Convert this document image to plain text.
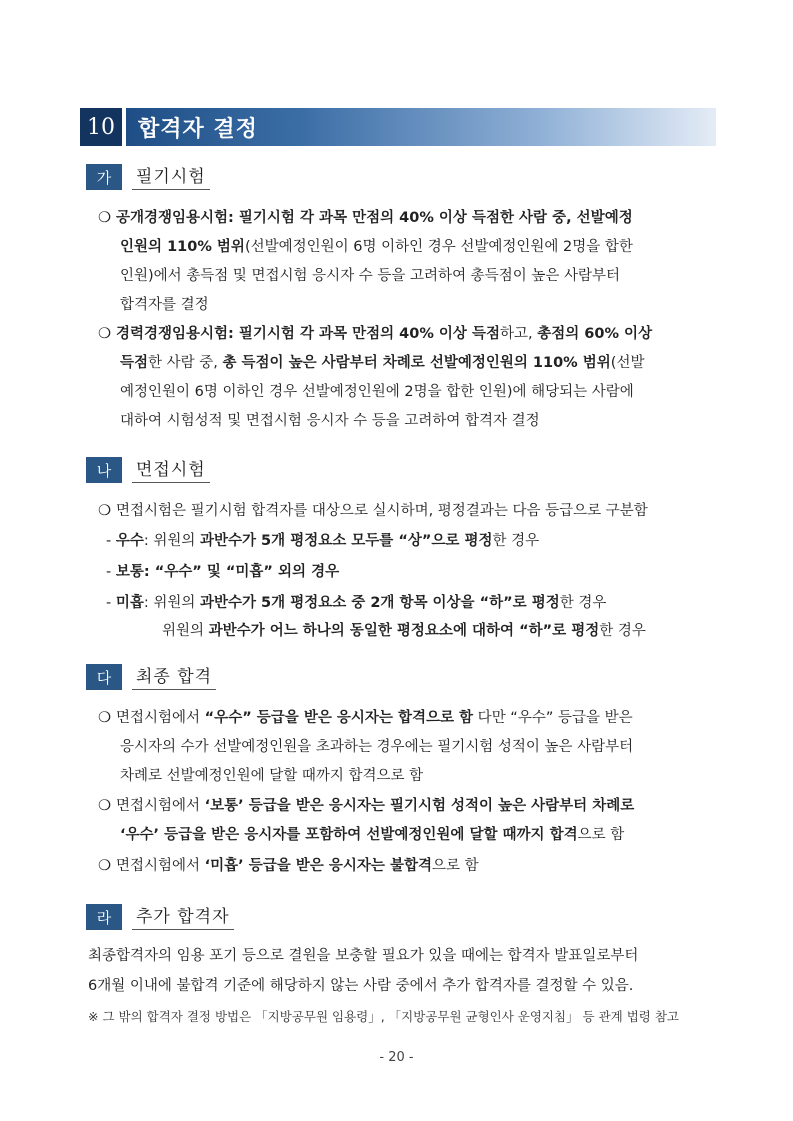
10	합격자 결정
가	필기시험
❍ 공개경쟁임용시험: 필기시험 각 과목 만점의 40% 이상 득점한 사람 중, 선발예정
인원의 110% 범위(선발예정인원이 6명 이하인 경우 선발예정인원에 2명을 합한
인원)에서 총득점 및 면접시험 응시자 수 등을 고려하여 총득점이 높은 사람부터
합격자를 결정
❍ 경력경쟁임용시험: 필기시험 각 과목 만점의 40% 이상 득점하고, 총점의 60% 이상
득점한 사람 중, 총 득점이 높은 사람부터 차례로 선발예정인원의 110% 범위(선발
예정인원이 6명 이하인 경우 선발예정인원에 2명을 합한 인원)에 해당되는 사람에
대하여 시험성적 및 면접시험 응시자 수 등을 고려하여 합격자 결정
나	면접시험
❍ 면접시험은 필기시험 합격자를 대상으로 실시하며, 평정결과는 다음 등급으로 구분함
- 우수: 위원의 과반수가 5개 평정요소 모두를 “상”으로 평정한 경우
- 보통: “우수” 및 “미흡” 외의 경우
- 미흡: 위원의 과반수가 5개 평정요소 중 2개 항목 이상을 “하”로 평정한 경우
위원의 과반수가 어느 하나의 동일한 평정요소에 대하여 “하”로 평정한 경우
다	최종 합격
❍ 면접시험에서 “우수” 등급을 받은 응시자는 합격으로 함 다만 “우수” 등급을 받은
응시자의 수가 선발예정인원을 초과하는 경우에는 필기시험 성적이 높은 사람부터
차례로 선발예정인원에 달할 때까지 합격으로 함
❍ 면접시험에서 ‘보통’ 등급을 받은 응시자는 필기시험 성적이 높은 사람부터 차례로
‘우수’ 등급을 받은 응시자를 포함하여 선발예정인원에 달할 때까지 합격으로 함
❍ 면접시험에서 ‘미흡’ 등급을 받은 응시자는 불합격으로 함
라	추가 합격자
최종합격자의 임용 포기 등으로 결원을 보충할 필요가 있을 때에는 합격자 발표일로부터
6개월 이내에 불합격 기준에 해당하지 않는 사람 중에서 추가 합격자를 결정할 수 있음.
※ 그 밖의 합격자 결정 방법은 「지방공무원 임용령」, 「지방공무원 균형인사 운영지침」 등 관계 법령 참고
- 20 -
